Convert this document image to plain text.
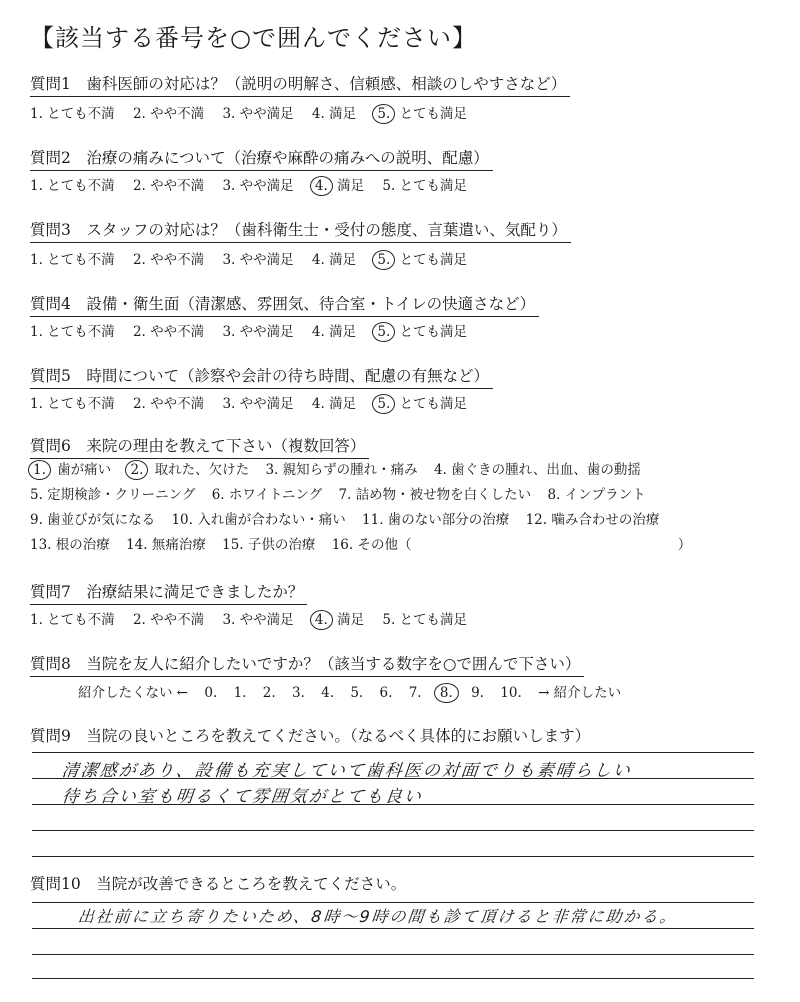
【該当する番号を○で囲んでください】
質問1　歯科医師の対応は？（説明の明解さ、信頼感、相談のしやすさなど）
1. とても不満 2. やや不満 3. やや満足 4. 満足 5. とても満足
質問2　治療の痛みについて（治療や麻酔の痛みへの説明、配慮）
1. とても不満 2. やや不満 3. やや満足 4. 満足 5. とても満足
質問3　スタッフの対応は？（歯科衛生士・受付の態度、言葉遣い、気配り）
1. とても不満 2. やや不満 3. やや満足 4. 満足 5. とても満足
質問4　設備・衛生面（清潔感、雰囲気、待合室・トイレの快適さなど）
1. とても不満 2. やや不満 3. やや満足 4. 満足 5. とても満足
質問5　時間について（診察や会計の待ち時間、配慮の有無など）
1. とても不満 2. やや不満 3. やや満足 4. 満足 5. とても満足
質問6　来院の理由を教えて下さい（複数回答）
1. 歯が痛い 2. 取れた、欠けた 3. 親知らずの腫れ・痛み 4. 歯ぐきの腫れ、出血、歯の動揺
5. 定期検診・クリーニング 6. ホワイトニング 7. 詰め物・被せ物を白くしたい 8. インプラント
9. 歯並びが気になる 10. 入れ歯が合わない・痛い 11. 歯のない部分の治療 12. 噛み合わせの治療
13. 根の治療 14. 無痛治療 15. 子供の治療 16. その他（	）
質問7　治療結果に満足できましたか？
1. とても不満 2. やや不満 3. やや満足 4. 満足 5. とても満足
質問8　当院を友人に紹介したいですか？（該当する数字を○で囲んで下さい）
紹介したくない ← 0. 1. 2. 3. 4. 5. 6. 7. 8. 9. 10. → 紹介したい
質問9　当院の良いところを教えてください。（なるべく具体的にお願いします）
清潔感があり、設備も充実していて歯科医の対面でりも素晴らしい
待ち合い室も明るくて雰囲気がとても良い
質問10　当院が改善できるところを教えてください。
出社前に立ち寄りたいため、8時～9時の間も診て頂けると非常に助かる。
